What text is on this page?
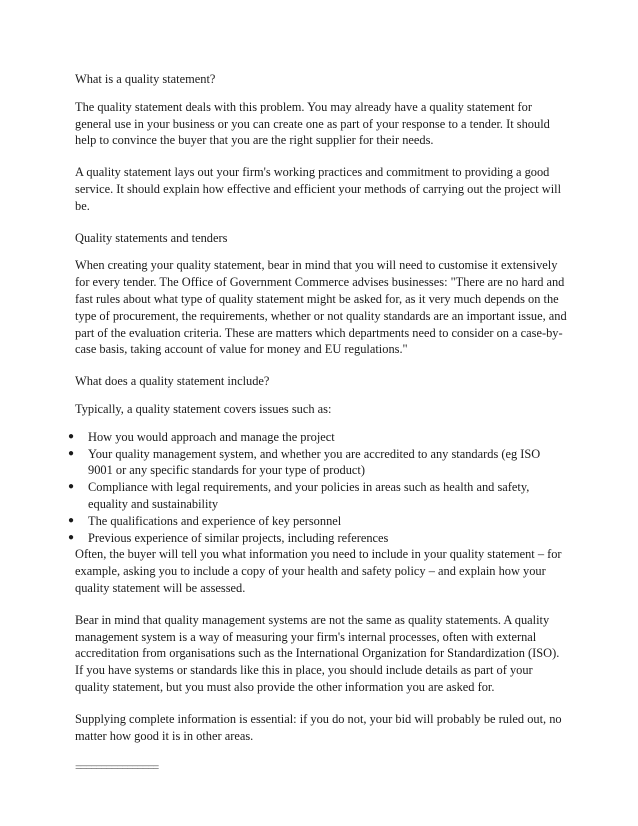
What is a quality statement?

The quality statement deals with this problem. You may already have a quality statement for general use in your business or you can create one as part of your response to a tender. It should help to convince the buyer that you are the right supplier for their needs.

A quality statement lays out your firm's working practices and commitment to providing a good service. It should explain how effective and efficient your methods of carrying out the project will be.

Quality statements and tenders

When creating your quality statement, bear in mind that you will need to customise it extensively for every tender. The Office of Government Commerce advises businesses: "There are no hard and fast rules about what type of quality statement might be asked for, as it very much depends on the type of procurement, the requirements, whether or not quality standards are an important issue, and part of the evaluation criteria. These are matters which departments need to consider on a case-by-case basis, taking account of value for money and EU regulations."

What does a quality statement include?

Typically, a quality statement covers issues such as:

● How you would approach and manage the project
● Your quality management system, and whether you are accredited to any standards (eg ISO 9001 or any specific standards for your type of product)
● Compliance with legal requirements, and your policies in areas such as health and safety, equality and sustainability
● The qualifications and experience of key personnel
● Previous experience of similar projects, including references

Often, the buyer will tell you what information you need to include in your quality statement – for example, asking you to include a copy of your health and safety policy – and explain how your quality statement will be assessed.

Bear in mind that quality management systems are not the same as quality statements. A quality management system is a way of measuring your firm's internal processes, often with external accreditation from organisations such as the International Organization for Standardization (ISO). If you have systems or standards like this in place, you should include details as part of your quality statement, but you must also provide the other information you are asked for.

Supplying complete information is essential: if you do not, your bid will probably be ruled out, no matter how good it is in other areas.

================
